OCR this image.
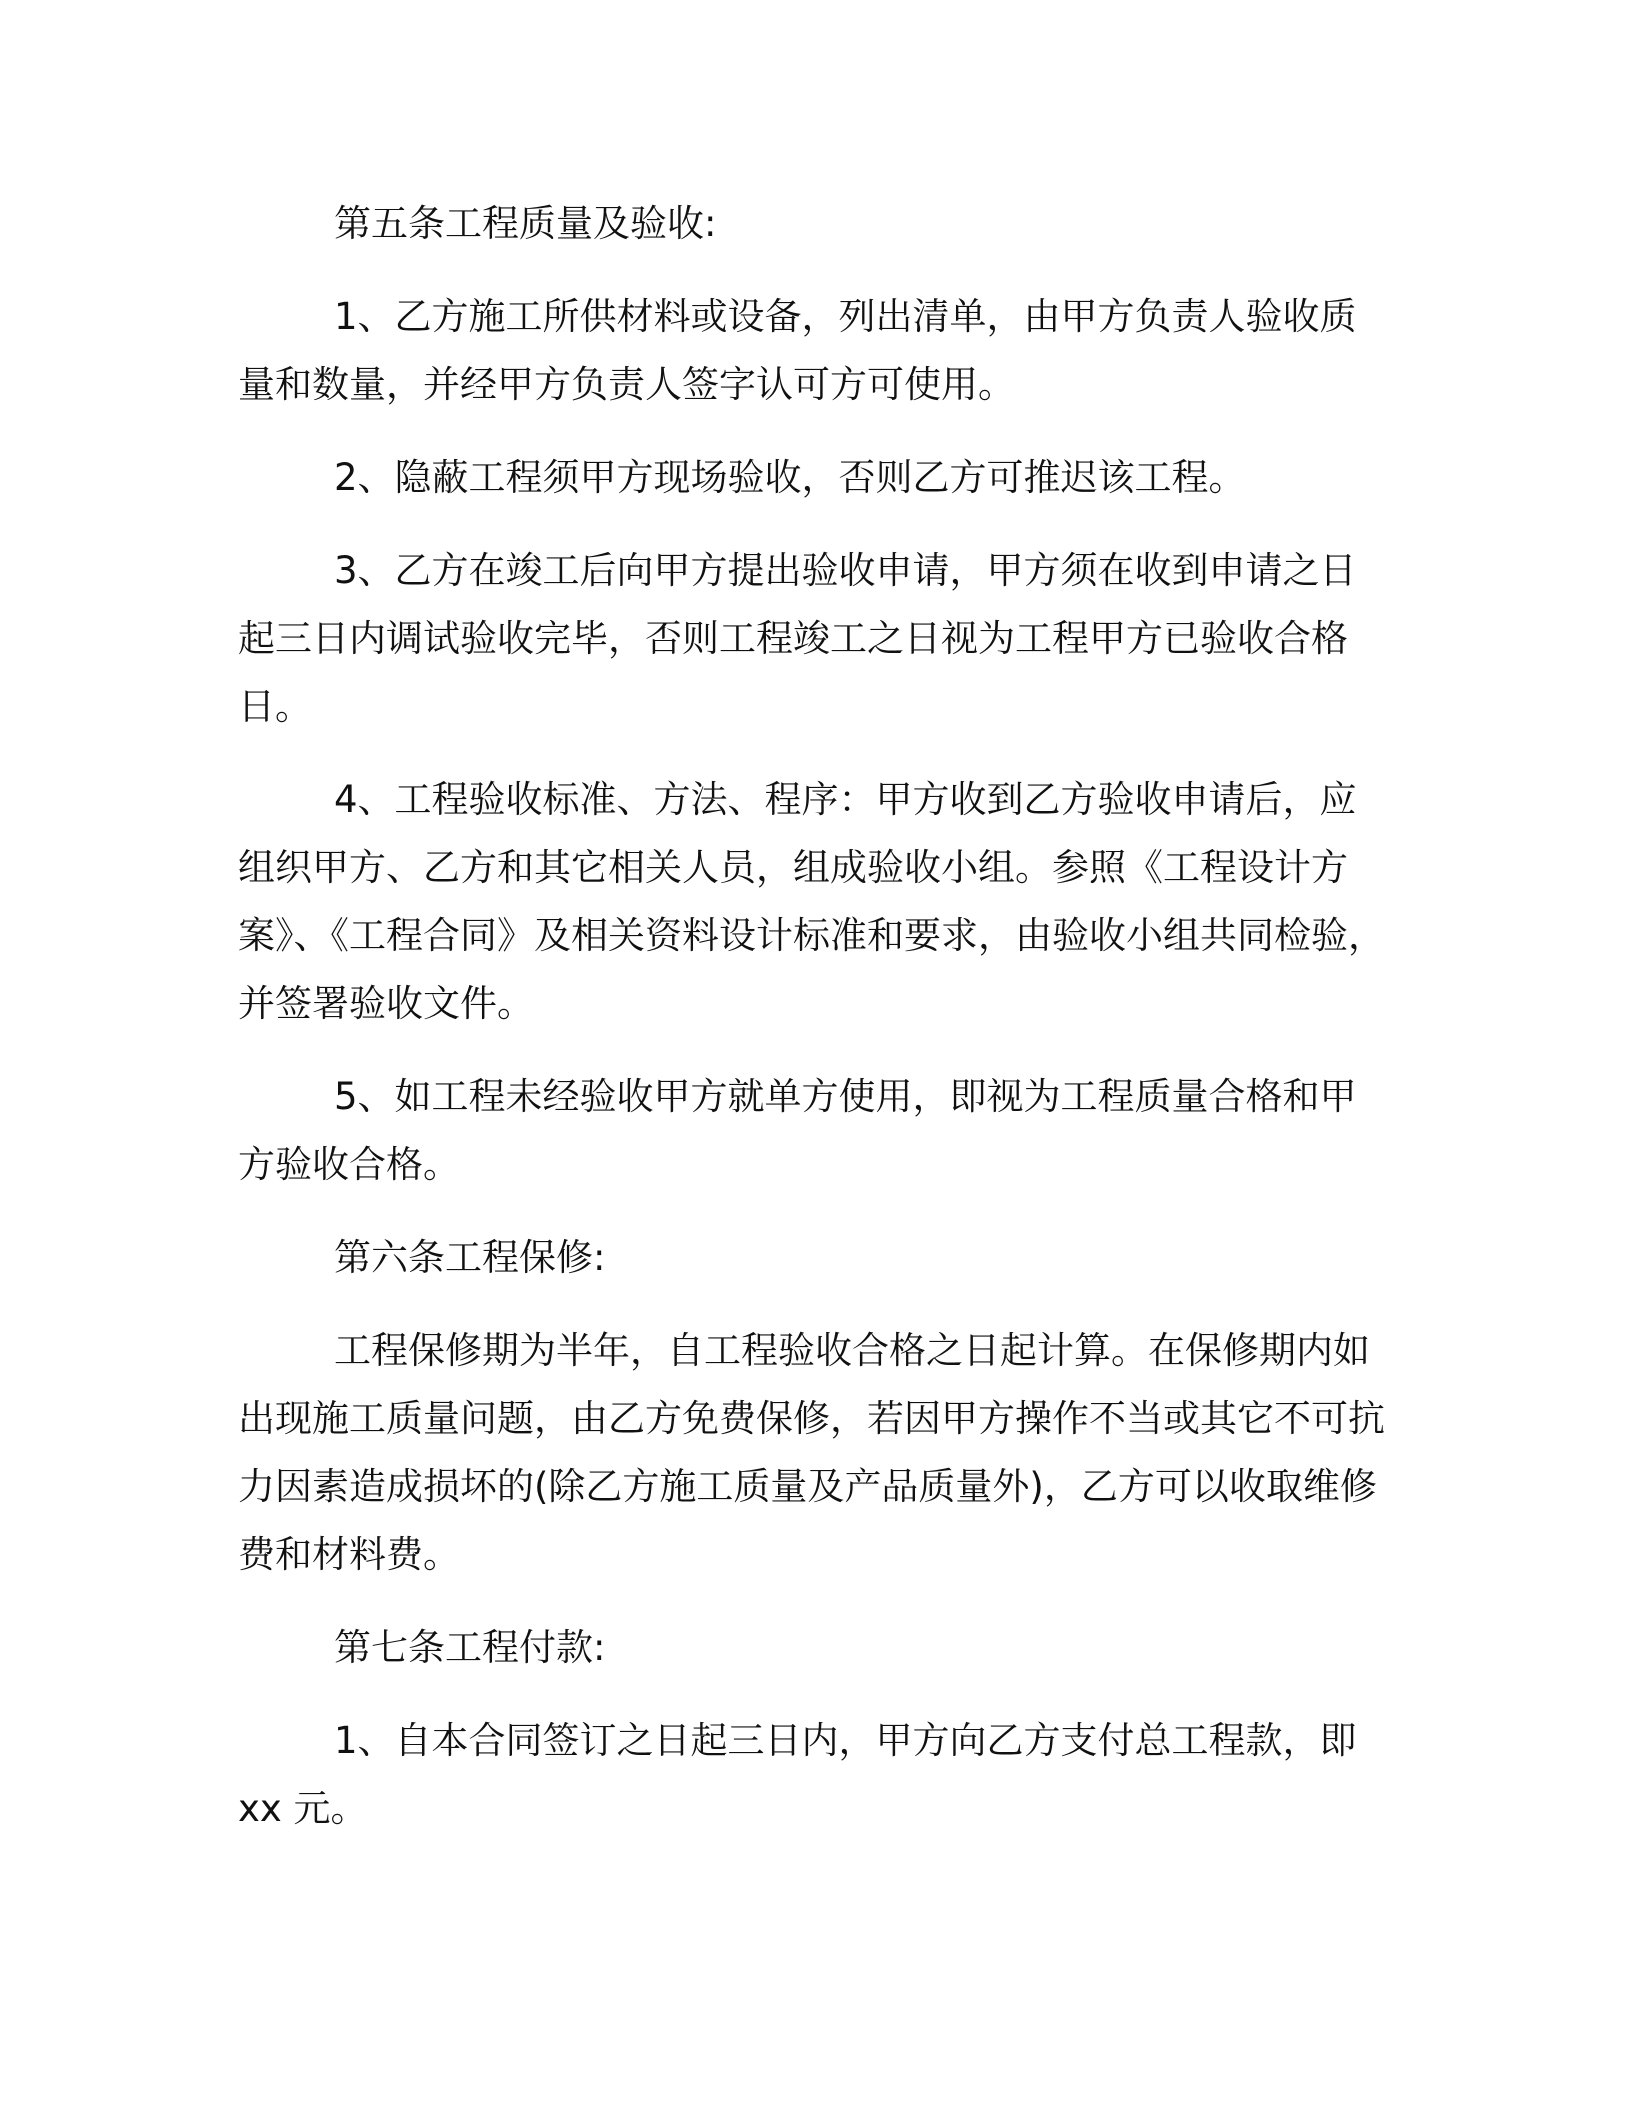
第五条工程质量及验收:

1、乙方施工所供材料或设备，列出清单，由甲方负责人验收质量和数量，并经甲方负责人签字认可方可使用。

2、隐蔽工程须甲方现场验收，否则乙方可推迟该工程。

3、乙方在竣工后向甲方提出验收申请，甲方须在收到申请之日起三日内调试验收完毕，否则工程竣工之日视为工程甲方已验收合格日。

4、工程验收标准、方法、程序：甲方收到乙方验收申请后，应组织甲方、乙方和其它相关人员，组成验收小组。参照《工程设计方案》、《工程合同》及相关资料设计标准和要求，由验收小组共同检验，并签署验收文件。

5、如工程未经验收甲方就单方使用，即视为工程质量合格和甲方验收合格。

第六条工程保修:

工程保修期为半年，自工程验收合格之日起计算。在保修期内如出现施工质量问题，由乙方免费保修，若因甲方操作不当或其它不可抗力因素造成损坏的(除乙方施工质量及产品质量外)，乙方可以收取维修费和材料费。

第七条工程付款:

1、自本合同签订之日起三日内，甲方向乙方支付总工程款，即 xx 元。
